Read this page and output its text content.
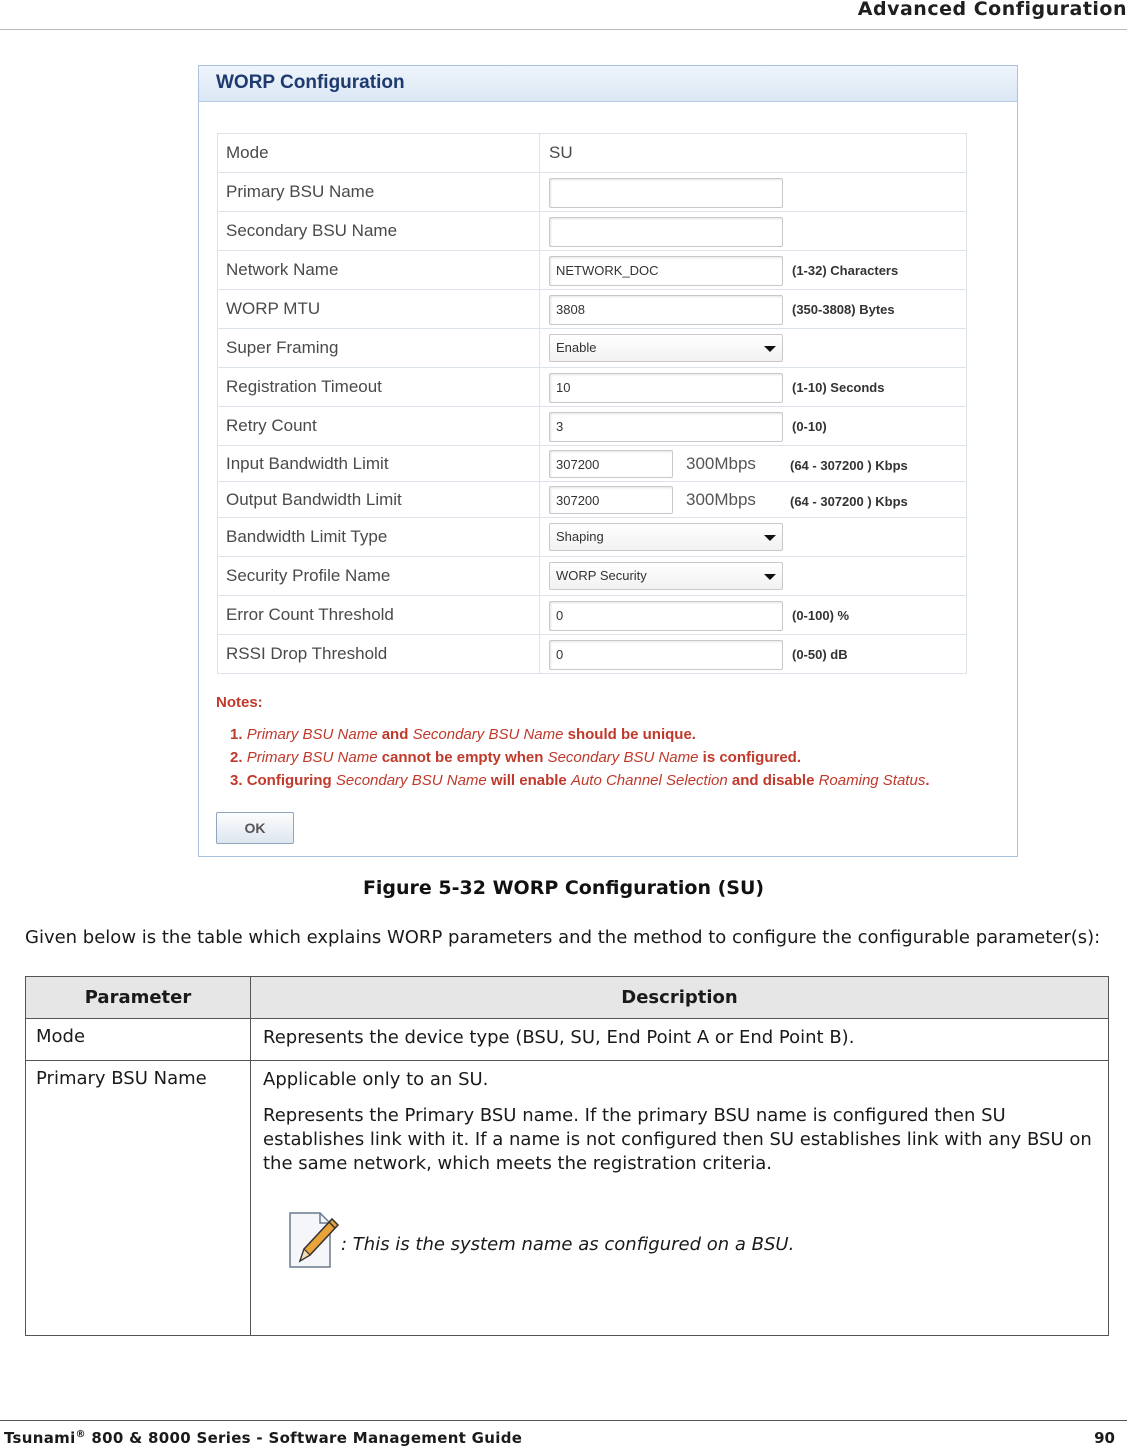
Advanced Configuration
WORP Configuration
Mode	SU
Primary BSU Name	

Secondary BSU Name	

Network Name	NETWORK_DOC (1-32) Characters

WORP MTU	3808 (350-3808) Bytes

Super Framing	Enable

Registration Timeout	10 (1-10) Seconds

Retry Count	3 (0-10)

Input Bandwidth Limit	307200 300Mbps (64 - 307200 ) Kbps

Output Bandwidth Limit	307200 300Mbps (64 - 307200 ) Kbps

Bandwidth Limit Type	Shaping

Security Profile Name	WORP Security

Error Count Threshold	0 (0-100) %

RSSI Drop Threshold	0 (0-50) dB
Notes:
1. Primary BSU Name and Secondary BSU Name should be unique.
2. Primary BSU Name cannot be empty when Secondary BSU Name is configured.
3. Configuring Secondary BSU Name will enable Auto Channel Selection and disable Roaming Status.
OK
Figure 5-32 WORP Configuration (SU)
Given below is the table which explains WORP parameters and the method to configure the configurable parameter(s):
Parameter	Description
Mode	Represents the device type (BSU, SU, End Point A or End Point B).
Primary BSU Name	Applicable only to an SU.
Represents the Primary BSU name. If the primary BSU name is configured then SU establishes link with it. If a name is not configured then SU establishes link with any BSU on the same network, which meets the registration criteria.
: This is the system name as configured on a BSU.
Tsunami® 800 & 8000 Series - Software Management Guide	90
